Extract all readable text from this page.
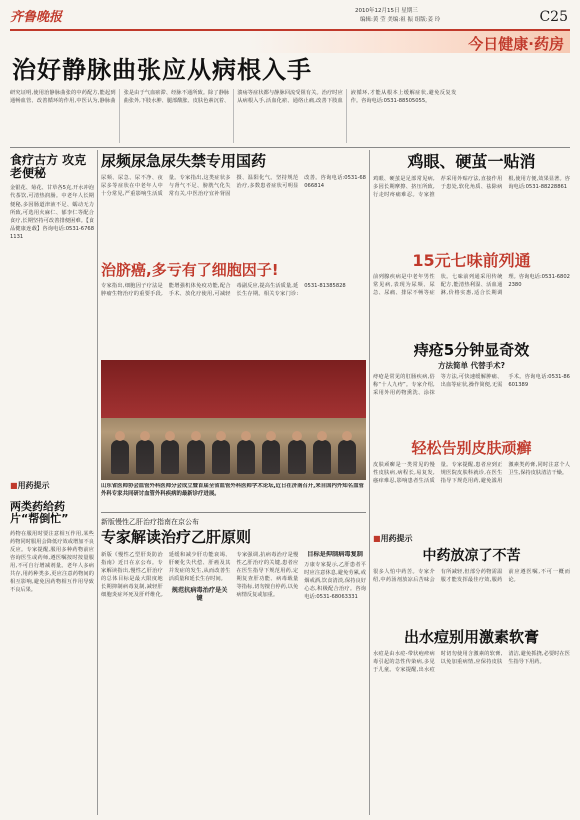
齐鲁晚报	2010年12月15日 星期三
编辑:黄 莹 美编:祖 振 组版:姜 玲	C25
今日健康·药房
治好静脉曲张应从病根入手
研究证明,使用治静脉曲张的中药配方,能起到通畅血管、改善循环的作用,中医认为,静脉曲张是由于气血瘀滞、经脉不通所致。除了静脉曲张外,下肢水肿、腿部酸胀、皮肤色素沉着、溃疡等症状都与静脉回流受阻有关。治疗时应从病根入手,活血化瘀、通络止痛,改善下肢血液循环,才能从根本上缓解症状,避免反复发作。咨询电话:0531-88505055。
食疗古方 攻克老便秘
金银花、菊花、甘草各5克,开水冲泡代茶饮,可清热润肠。中老年人长期便秘,多因肠道津液不足、蠕动无力所致,可选用火麻仁、郁李仁等配合食疗,长期坚持可改善排便困难。【食品健康连载】咨询电话:0531-67681131
■用药提示
两类药给药片“帮倒忙”
药物在服用时要注意相互作用,某些药物同时服用会降低疗效或增加不良反应。专家提醒,服用多种药物前应咨询医生或药师,遵医嘱按时按量服用,不可自行增减剂量。老年人多病共存,用药种类多,更应注意药物间的相互影响,避免因药物相互作用导致不良后果。
尿频尿急尿失禁专用国药
尿频、尿急、尿不净、夜尿多等症状在中老年人中十分常见,严重影响生活质量。专家指出,这类症状多与肾气不足、膀胱气化失常有关,中医治疗宜补肾固摄、温阳化气。坚持规范治疗,多数患者症状可明显改善。咨询电话:0531-68066814
治脐癌,多亏有了细胞因子!
专家指出,细胞因子疗法是肿瘤生物治疗的重要手段,能增强机体免疫功能,配合手术、放化疗使用,可减轻毒副反应,提高生活质量,延长生存期。相关专家门诊:0531-81385828
山东省医师协会血管外科医师分会成立暨首届全省血管外科医师学术论坛,近日在济南召开,来自国内外知名血管外科专家共同研讨血管外科疾病的最新诊疗进展。
新版慢性乙肝治疗指南在京公布
专家解读治疗乙肝原则
新版《慢性乙型肝炎防治指南》近日在京公布。专家解读指出,慢性乙肝治疗的总体目标是最大限度地长期抑制病毒复制,减轻肝细胞炎症坏死及肝纤维化,延缓和减少肝功能衰竭、肝硬化失代偿、肝癌及其并发症的发生,从而改善生活质量和延长生存时间。
规范抗病毒治疗是关键
专家强调,抗病毒治疗是慢性乙肝治疗的关键,患者应在医生指导下规范用药,定期复查肝功能、病毒载量等指标,切勿擅自停药,以免病情反复或加重。
目标是抑制病毒复制
万康专家提示,乙肝患者平时应注意休息,避免劳累,戒烟戒酒,饮食清淡,保持良好心态,积极配合治疗。咨询电话:0531-68063331
鸡眼、硬茧一贴消
鸡眼、硬茧是足部常见病,多因长期摩擦、挤压所致,行走时疼痛难忍。专家推荐采用外贴疗法,直接作用于患处,软化角质、祛除病根,使用方便,效果显著。咨询电话:0531-88228861
15元七味前列通
前列腺疾病是中老年男性常见病,表现为尿频、尿急、尿痛、排尿不畅等症状。七味前列通采用传统配方,能清热利湿、活血通淋,价格实惠,适合长期调理。咨询电话:0531-68022380
痔疮5分钟显奇效
方法简单 代替手术?
痔疮是常见的肛肠疾病,俗称“十人九痔”。专家介绍,采用外用药物熏洗、涂抹等方法,可快速缓解肿痛、出血等症状,操作简便,无需手术。咨询电话:0531-86601389
轻松告别皮肤顽癣
皮肤顽癣是一类常见的慢性皮肤病,病程长,易复发,瘙痒难忍,影响患者生活质量。专家提醒,患者应到正规医院皮肤科就诊,在医生指导下规范用药,避免滥用激素类药膏,同时注意个人卫生,保持皮肤清洁干燥。
■用药提示
中药放凉了不苦
很多人怕中药苦。专家介绍,中药汤剂放凉后苦味会有所减轻,但部分药物需温服才能发挥最佳疗效,服药前应遵医嘱,不可一概而论。
出水痘别用激素软膏
水痘是由水痘-带状疱疹病毒引起的急性传染病,多见于儿童。专家提醒,出水痘时切勿使用含激素的软膏,以免加重病情,应保持皮肤清洁,避免抓挠,必要时在医生指导下用药。
